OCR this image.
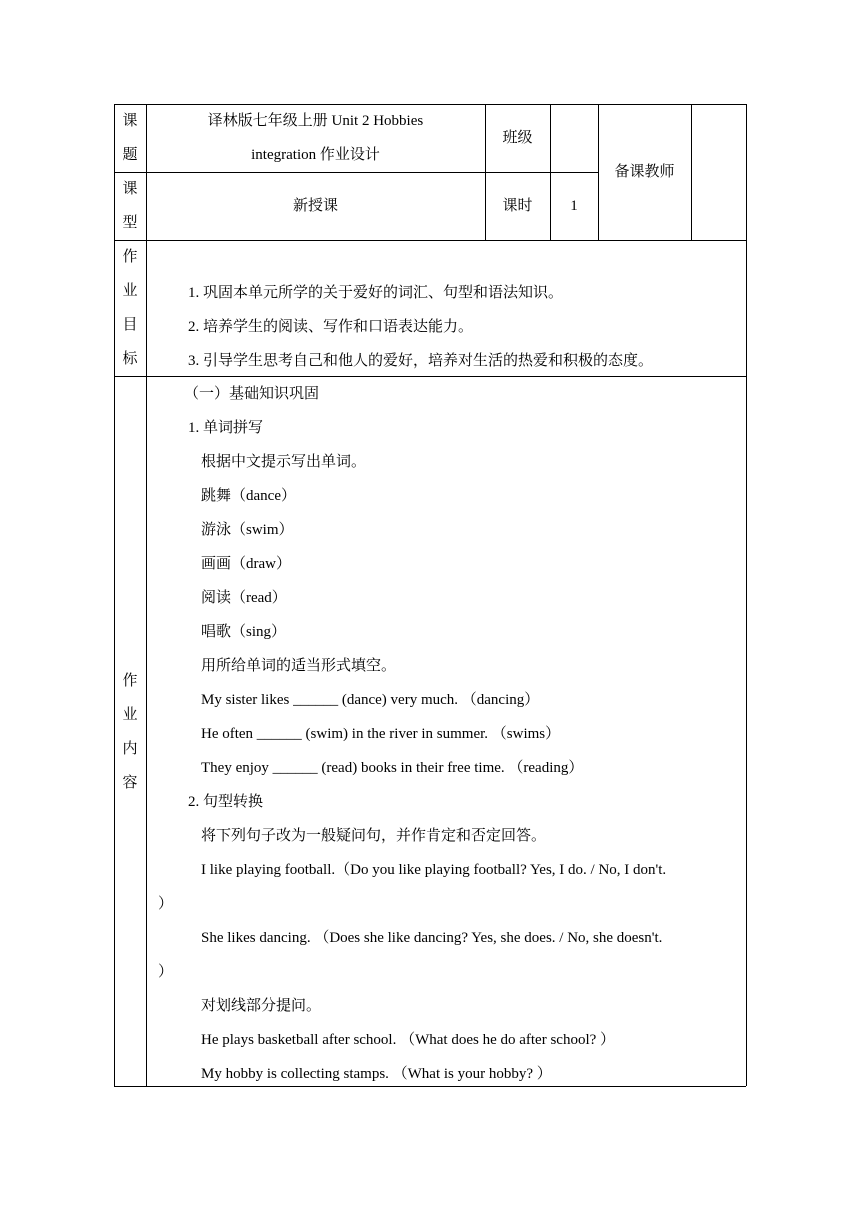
课
题
译林版七年级上册 Unit 2 Hobbies
integration 作业设计
班级
备课教师
课
型
新授课	课时	1
作
业
目
标
1. 巩固本单元所学的关于爱好的词汇、句型和语法知识。
2. 培养学生的阅读、写作和口语表达能力。
3. 引导学生思考自己和他人的爱好，培养对生活的热爱和积极的态度。
作
业
内
容
（一）基础知识巩固
1. 单词拼写
根据中文提示写出单词。
跳舞（dance）
游泳（swim）
画画（draw）
阅读（read）
唱歌（sing）
用所给单词的适当形式填空。
My sister likes ______ (dance) very much. （dancing）
He often ______ (swim) in the river in summer. （swims）
They enjoy ______ (read) books in their free time. （reading）
2. 句型转换
将下列句子改为一般疑问句，并作肯定和否定回答。
I like playing football.（Do you like playing football? Yes, I do. / No, I don't.
）
She likes dancing. （Does she like dancing? Yes, she does. / No, she doesn't.
）
对划线部分提问。
He plays basketball after school. （What does he do after school? ）
My hobby is collecting stamps. （What is your hobby? ）
